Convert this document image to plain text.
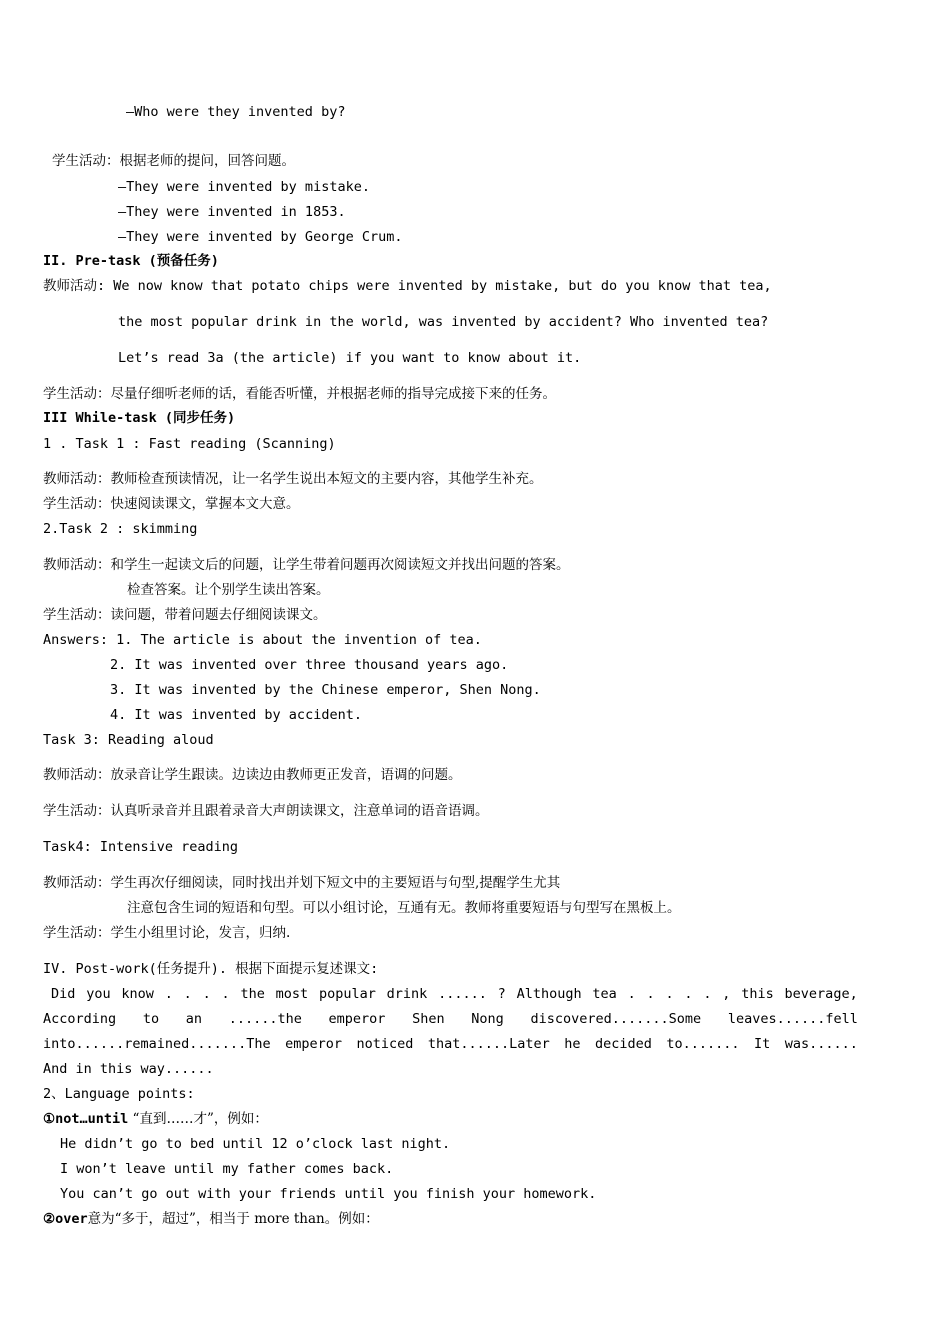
—Who were they invented by?
学生活动：根据老师的提问，回答问题。
—They were invented by mistake.
—They were invented in 1853.
—They were invented by George Crum.
II. Pre-task (预备任务)
教师活动: We now know that potato chips were invented by mistake, but do you know that tea,
the most popular drink in the world, was invented by accident? Who invented tea?
Let’s read 3a (the article) if you want to know about it.
学生活动：尽量仔细听老师的话，看能否听懂，并根据老师的指导完成接下来的任务。
III While-task (同步任务)
1 . Task 1 : Fast reading (Scanning)
教师活动：教师检查预读情况，让一名学生说出本短文的主要内容，其他学生补充。
学生活动：快速阅读课文，掌握本文大意。
2.Task 2 : skimming
教师活动：和学生一起读文后的问题，让学生带着问题再次阅读短文并找出问题的答案。
检查答案。让个别学生读出答案。
学生活动：读问题，带着问题去仔细阅读课文。
Answers: 1. The article is about the invention of tea.
2. It was invented over three thousand years ago.
3. It was invented by the Chinese emperor, Shen Nong.
4. It was invented by accident.
Task 3: Reading aloud
教师活动：放录音让学生跟读。边读边由教师更正发音，语调的问题。
学生活动：认真听录音并且跟着录音大声朗读课文，注意单词的语音语调。
Task4: Intensive reading
教师活动：学生再次仔细阅读，同时找出并划下短文中的主要短语与句型,提醒学生尤其
注意包含生词的短语和句型。可以小组讨论，互通有无。教师将重要短语与句型写在黑板上。
学生活动：学生小组里讨论，发言，归纳.
IV. Post-work(任务提升). 根据下面提示复述课文:
Did you know . . . . the most popular drink ...... ? Although tea . . . . . , this beverage,
According to an ......the emperor Shen Nong discovered.......Some leaves......fell
into......remained.......The emperor noticed that......Later he decided to....... It was......
And in this way......
2、Language points:
①not…until “直到……才”，例如：
He didn’t go to bed until 12 o’clock last night.
I won’t leave until my father comes back.
You can’t go out with your friends until you finish your homework.
②over意为“多于，超过”，相当于 more than。例如：
